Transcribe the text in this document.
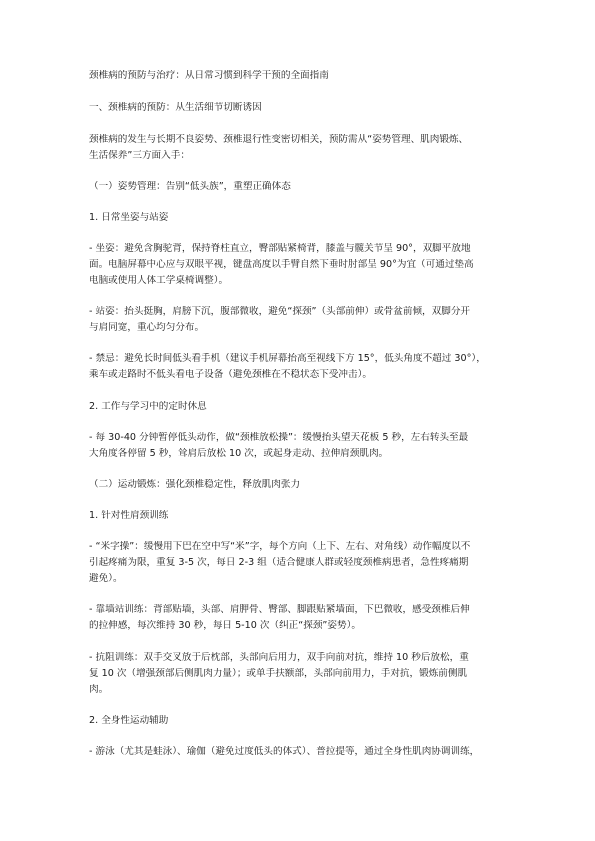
颈椎病的预防与治疗：从日常习惯到科学干预的全面指南
一、颈椎病的预防：从生活细节切断诱因
颈椎病的发生与长期不良姿势、颈椎退行性变密切相关，预防需从“姿势管理、肌肉锻炼、
生活保养”三方面入手：
（一）姿势管理：告别“低头族”，重塑正确体态
1. 日常坐姿与站姿
- 坐姿：避免含胸驼背，保持脊柱直立，臀部贴紧椅背，膝盖与髋关节呈 90°，双脚平放地
面。电脑屏幕中心应与双眼平视，键盘高度以手臂自然下垂时肘部呈 90°为宜（可通过垫高
电脑或使用人体工学桌椅调整）。
- 站姿：抬头挺胸，肩膀下沉，腹部微收，避免“探颈”（头部前伸）或骨盆前倾，双脚分开
与肩同宽，重心均匀分布。
- 禁忌：避免长时间低头看手机（建议手机屏幕抬高至视线下方 15°，低头角度不超过 30°），
乘车或走路时不低头看电子设备（避免颈椎在不稳状态下受冲击）。
2. 工作与学习中的定时休息
- 每 30-40 分钟暂停低头动作，做“颈椎放松操”：缓慢抬头望天花板 5 秒，左右转头至最
大角度各停留 5 秒，耸肩后放松 10 次，或起身走动、拉伸肩颈肌肉。
（二）运动锻炼：强化颈椎稳定性，释放肌肉张力
1. 针对性肩颈训练
- “米字操”：缓慢用下巴在空中写“米”字，每个方向（上下、左右、对角线）动作幅度以不
引起疼痛为限，重复 3-5 次，每日 2-3 组（适合健康人群或轻度颈椎病患者，急性疼痛期
避免）。
- 靠墙站训练：背部贴墙，头部、肩胛骨、臀部、脚跟贴紧墙面，下巴微收，感受颈椎后伸
的拉伸感，每次维持 30 秒，每日 5-10 次（纠正“探颈”姿势）。
- 抗阻训练：双手交叉放于后枕部，头部向后用力，双手向前对抗，维持 10 秒后放松，重
复 10 次（增强颈部后侧肌肉力量）；或单手扶额部，头部向前用力，手对抗，锻炼前侧肌
肉。
2. 全身性运动辅助
- 游泳（尤其是蛙泳）、瑜伽（避免过度低头的体式）、普拉提等，通过全身性肌肉协调训练，
